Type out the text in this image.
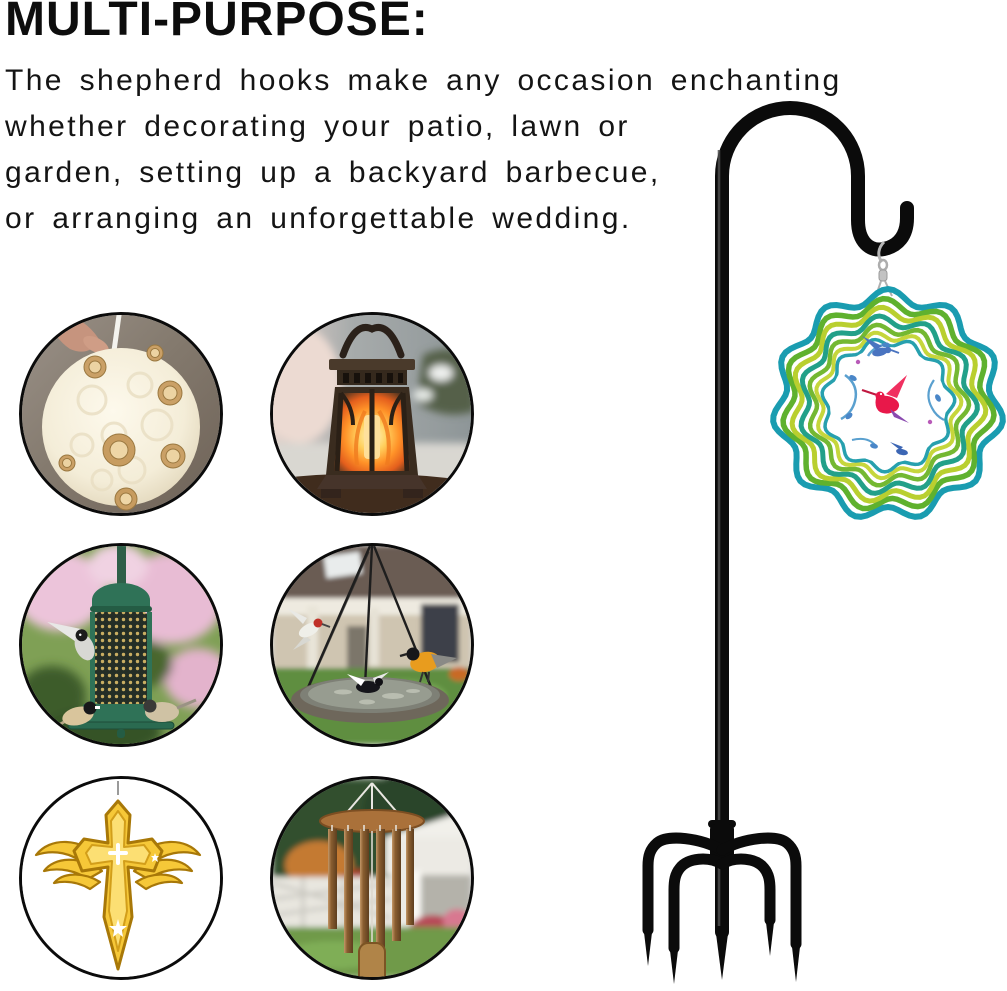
MULTI-PURPOSE:
The shepherd hooks make any occasion enchanting
whether decorating your patio, lawn or
garden, setting up a backyard barbecue,
or arranging an unforgettable wedding.
